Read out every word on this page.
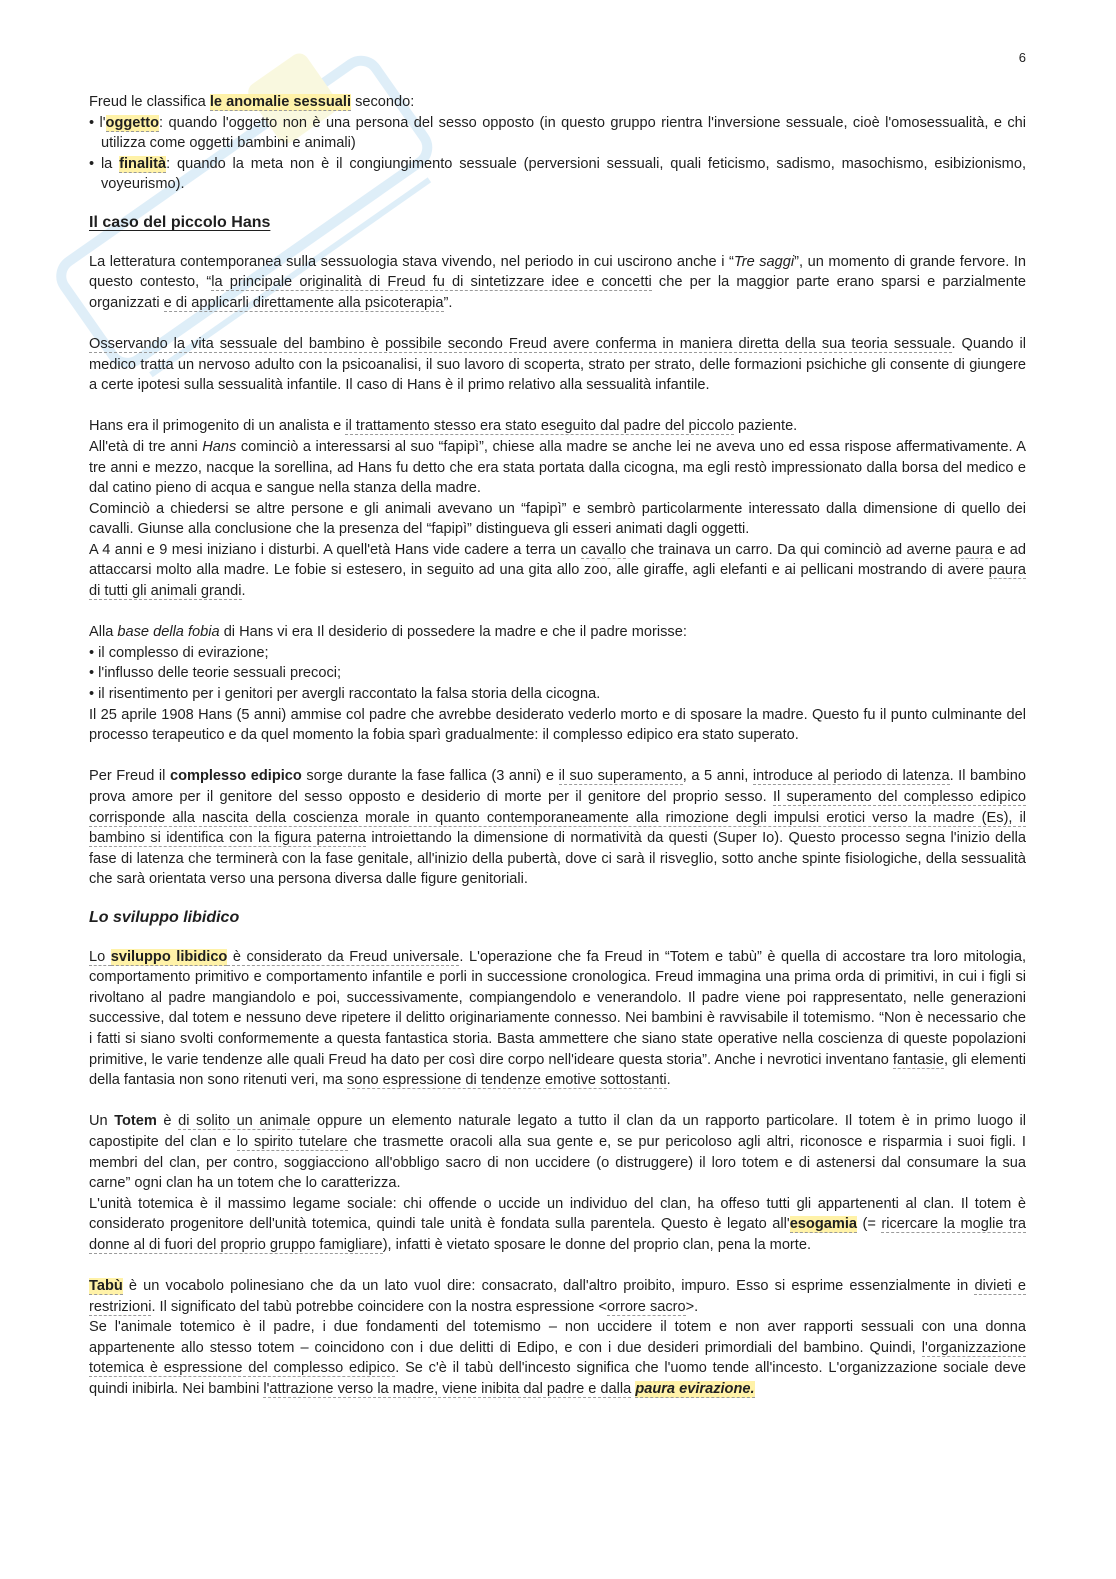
6

Freud le classifica le anomalie sessuali secondo:

• l'oggetto: quando l'oggetto non è una persona del sesso opposto (in questo gruppo rientra l'inversione sessuale, cioè l'omosessualità, e chi utilizza come oggetti bambini e animali)

• la finalità: quando la meta non è il congiungimento sessuale (perversioni sessuali, quali feticismo, sadismo, masochismo, esibizionismo, voyeurismo).

Il caso del piccolo Hans

La letteratura contemporanea sulla sessuologia stava vivendo, nel periodo in cui uscirono anche i “Tre saggi”, un momento di grande fervore. In questo contesto, “la principale originalità di Freud fu di sintetizzare idee e concetti che per la maggior parte erano sparsi e parzialmente organizzati e di applicarli direttamente alla psicoterapia”.

Osservando la vita sessuale del bambino è possibile secondo Freud avere conferma in maniera diretta della sua teoria sessuale. Quando il medico tratta un nervoso adulto con la psicoanalisi, il suo lavoro di scoperta, strato per strato, delle formazioni psichiche gli consente di giungere a certe ipotesi sulla sessualità infantile. Il caso di Hans è il primo relativo alla sessualità infantile.

Hans era il primogenito di un analista e il trattamento stesso era stato eseguito dal padre del piccolo paziente.

All'età di tre anni Hans cominciò a interessarsi al suo “fapipì”, chiese alla madre se anche lei ne aveva uno ed essa rispose affermativamente. A tre anni e mezzo, nacque la sorellina, ad Hans fu detto che era stata portata dalla cicogna, ma egli restò impressionato dalla borsa del medico e dal catino pieno di acqua e sangue nella stanza della madre.

Cominciò a chiedersi se altre persone e gli animali avevano un “fapipì” e sembrò particolarmente interessato dalla dimensione di quello dei cavalli. Giunse alla conclusione che la presenza del “fapipì” distingueva gli esseri animati dagli oggetti.

A 4 anni e 9 mesi iniziano i disturbi. A quell'età Hans vide cadere a terra un cavallo che trainava un carro. Da qui cominciò ad averne paura e ad attaccarsi molto alla madre. Le fobie si estesero, in seguito ad una gita allo zoo, alle giraffe, agli elefanti e ai pellicani mostrando di avere paura di tutti gli animali grandi.

Alla base della fobia di Hans vi era Il desiderio di possedere la madre e che il padre morisse:

• il complesso di evirazione;

• l'influsso delle teorie sessuali precoci;

• il risentimento per i genitori per avergli raccontato la falsa storia della cicogna.

Il 25 aprile 1908 Hans (5 anni) ammise col padre che avrebbe desiderato vederlo morto e di sposare la madre. Questo fu il punto culminante del processo terapeutico e da quel momento la fobia sparì gradualmente: il complesso edipico era stato superato.

Per Freud il complesso edipico sorge durante la fase fallica (3 anni) e il suo superamento, a 5 anni, introduce al periodo di latenza. Il bambino prova amore per il genitore del sesso opposto e desiderio di morte per il genitore del proprio sesso. Il superamento del complesso edipico corrisponde alla nascita della coscienza morale in quanto contemporaneamente alla rimozione degli impulsi erotici verso la madre (Es), il bambino si identifica con la figura paterna introiettando la dimensione di normatività da questi (Super Io). Questo processo segna l'inizio della fase di latenza che terminerà con la fase genitale, all'inizio della pubertà, dove ci sarà il risveglio, sotto anche spinte fisiologiche, della sessualità che sarà orientata verso una persona diversa dalle figure genitoriali.

Lo sviluppo libidico

Lo sviluppo libidico è considerato da Freud universale. L'operazione che fa Freud in “Totem e tabù” è quella di accostare tra loro mitologia, comportamento primitivo e comportamento infantile e porli in successione cronologica. Freud immagina una prima orda di primitivi, in cui i figli si rivoltano al padre mangiandolo e poi, successivamente, compiangendolo e venerandolo. Il padre viene poi rappresentato, nelle generazioni successive, dal totem e nessuno deve ripetere il delitto originariamente connesso. Nei bambini è ravvisabile il totemismo. “Non è necessario che i fatti si siano svolti conformemente a questa fantastica storia. Basta ammettere che siano state operative nella coscienza di queste popolazioni primitive, le varie tendenze alle quali Freud ha dato per così dire corpo nell'ideare questa storia”. Anche i nevrotici inventano fantasie, gli elementi della fantasia non sono ritenuti veri, ma sono espressione di tendenze emotive sottostanti.

Un Totem è di solito un animale oppure un elemento naturale legato a tutto il clan da un rapporto particolare. Il totem è in primo luogo il capostipite del clan e lo spirito tutelare che trasmette oracoli alla sua gente e, se pur pericoloso agli altri, riconosce e risparmia i suoi figli. I membri del clan, per contro, soggiacciono all'obbligo sacro di non uccidere (o distruggere) il loro totem e di astenersi dal consumare la sua carne” ogni clan ha un totem che lo caratterizza.

L'unità totemica è il massimo legame sociale: chi offende o uccide un individuo del clan, ha offeso tutti gli appartenenti al clan. Il totem è considerato progenitore dell'unità totemica, quindi tale unità è fondata sulla parentela. Questo è legato all'esogamia (= ricercare la moglie tra donne al di fuori del proprio gruppo famigliare), infatti è vietato sposare le donne del proprio clan, pena la morte.

Tabù è un vocabolo polinesiano che da un lato vuol dire: consacrato, dall'altro proibito, impuro. Esso si esprime essenzialmente in divieti e restrizioni. Il significato del tabù potrebbe coincidere con la nostra espressione <orrore sacro>.

Se l'animale totemico è il padre, i due fondamenti del totemismo – non uccidere il totem e non aver rapporti sessuali con una donna appartenente allo stesso totem – coincidono con i due delitti di Edipo, e con i due desideri primordiali del bambino. Quindi, l'organizzazione totemica è espressione del complesso edipico. Se c'è il tabù dell'incesto significa che l'uomo tende all'incesto. L'organizzazione sociale deve quindi inibirla. Nei bambini l'attrazione verso la madre, viene inibita dal padre e dalla paura evirazione.
